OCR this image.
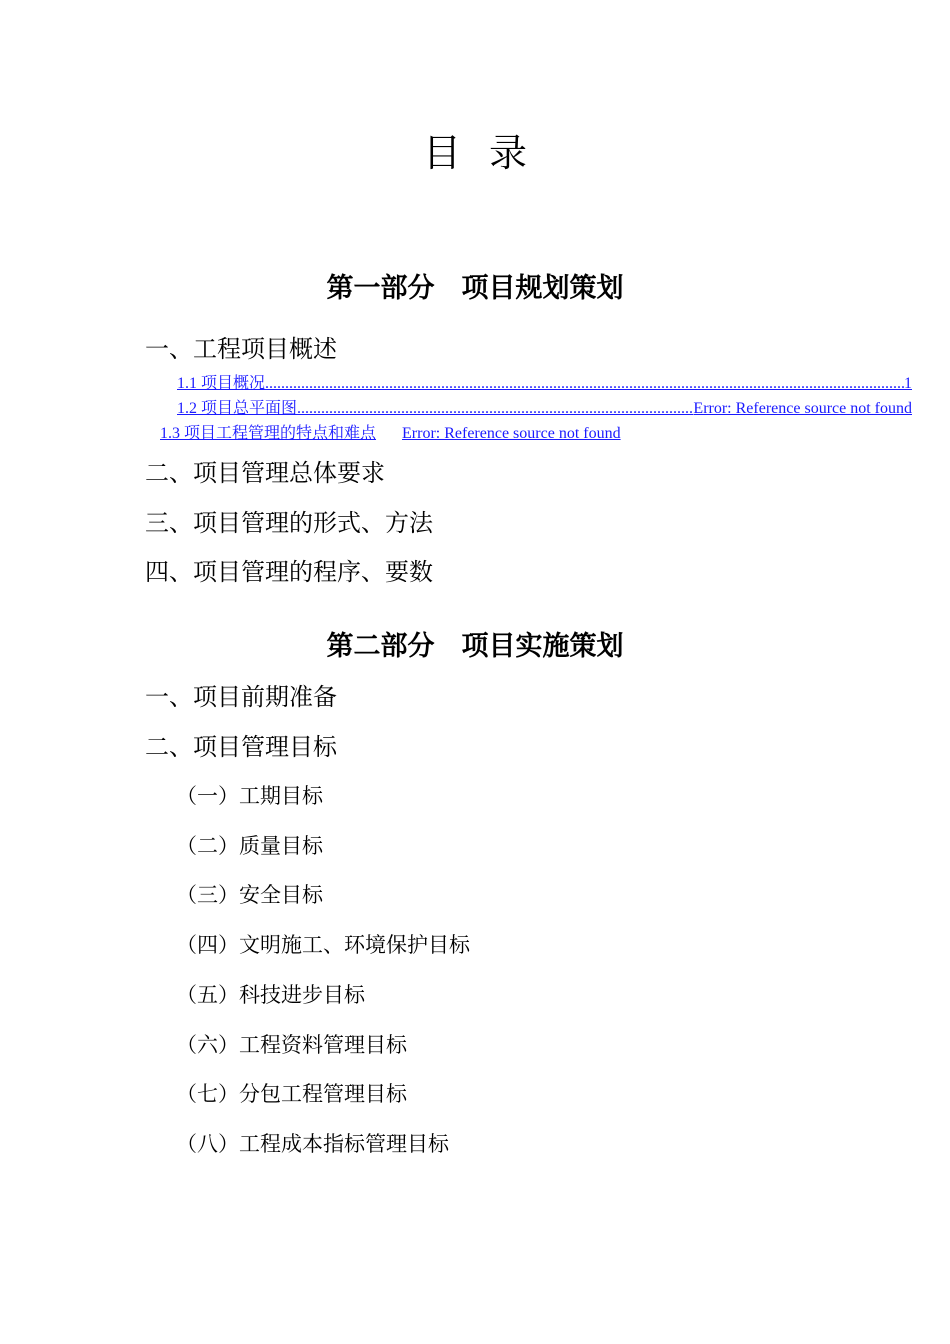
目录
第一部分　项目规划策划
一、工程项目概述
1.1 项目概况 .....	1
1.2 项目总平面图 .....	Error: Reference source not found
1.3 项目工程管理的特点和难点 Error: Reference source not found
二、项目管理总体要求
三、项目管理的形式、方法
四、项目管理的程序、要数
第二部分　项目实施策划
一、项目前期准备
二、项目管理目标
（一）工期目标
（二）质量目标
（三）安全目标
（四）文明施工、环境保护目标
（五）科技进步目标
（六）工程资料管理目标
（七）分包工程管理目标
（八）工程成本指标管理目标
